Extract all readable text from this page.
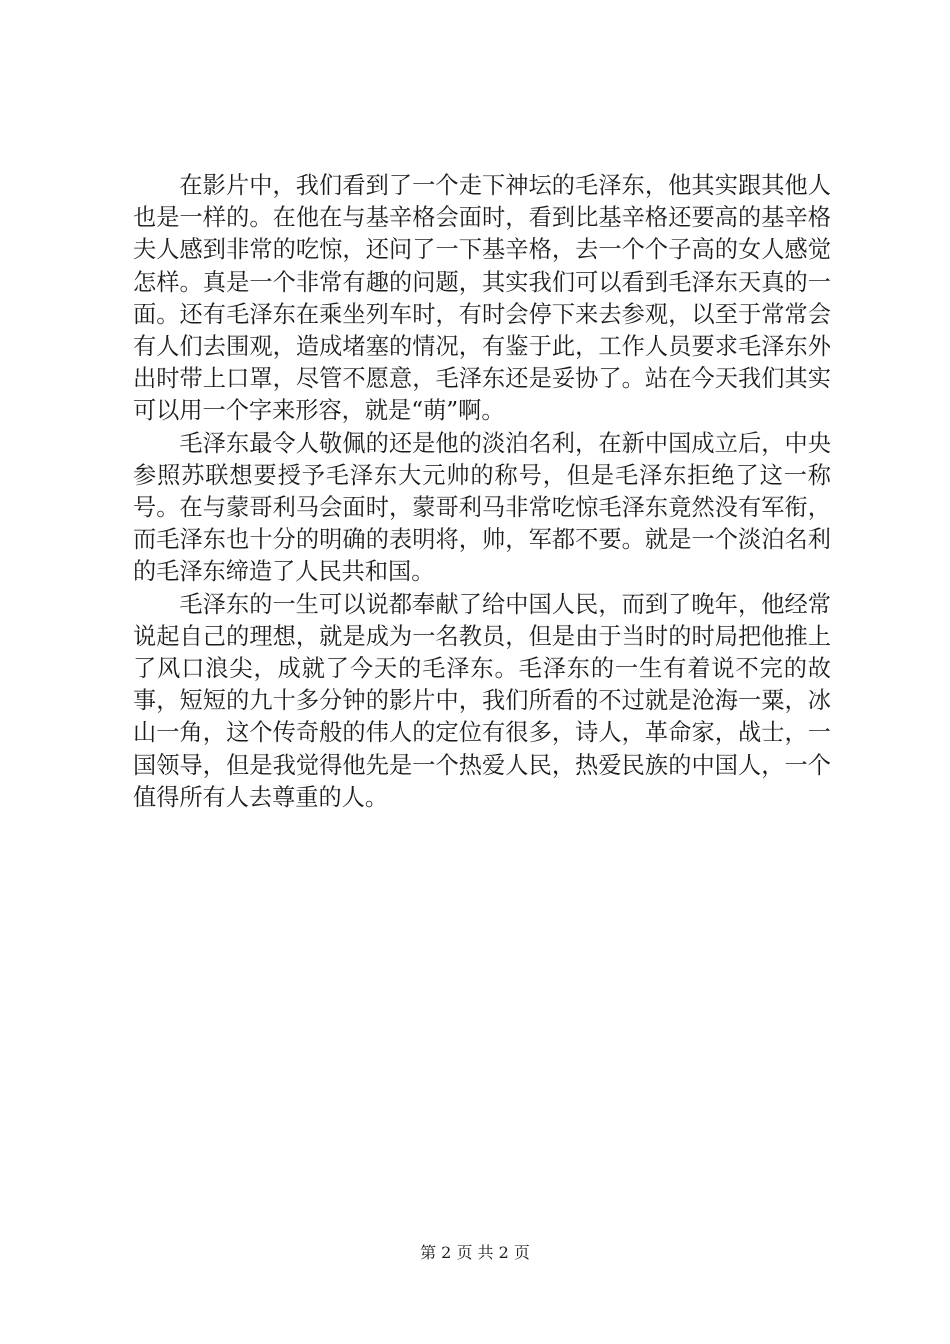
在影片中，我们看到了一个走下神坛的毛泽东，他其实跟其他人也是一样的。在他在与基辛格会面时，看到比基辛格还要高的基辛格夫人感到非常的吃惊，还问了一下基辛格，去一个个子高的女人感觉怎样。真是一个非常有趣的问题，其实我们可以看到毛泽东天真的一面。还有毛泽东在乘坐列车时，有时会停下来去参观，以至于常常会有人们去围观，造成堵塞的情况，有鉴于此，工作人员要求毛泽东外出时带上口罩，尽管不愿意，毛泽东还是妥协了。站在今天我们其实可以用一个字来形容，就是“萌”啊。

毛泽东最令人敬佩的还是他的淡泊名利，在新中国成立后，中央参照苏联想要授予毛泽东大元帅的称号，但是毛泽东拒绝了这一称号。在与蒙哥利马会面时，蒙哥利马非常吃惊毛泽东竟然没有军衔，而毛泽东也十分的明确的表明将，帅，军都不要。就是一个淡泊名利的毛泽东缔造了人民共和国。

毛泽东的一生可以说都奉献了给中国人民，而到了晚年，他经常说起自己的理想，就是成为一名教员，但是由于当时的时局把他推上了风口浪尖，成就了今天的毛泽东。毛泽东的一生有着说不完的故事，短短的九十多分钟的影片中，我们所看的不过就是沧海一粟，冰山一角，这个传奇般的伟人的定位有很多，诗人，革命家，战士，一国领导，但是我觉得他先是一个热爱人民，热爱民族的中国人，一个值得所有人去尊重的人。

第 2 页 共 2 页
